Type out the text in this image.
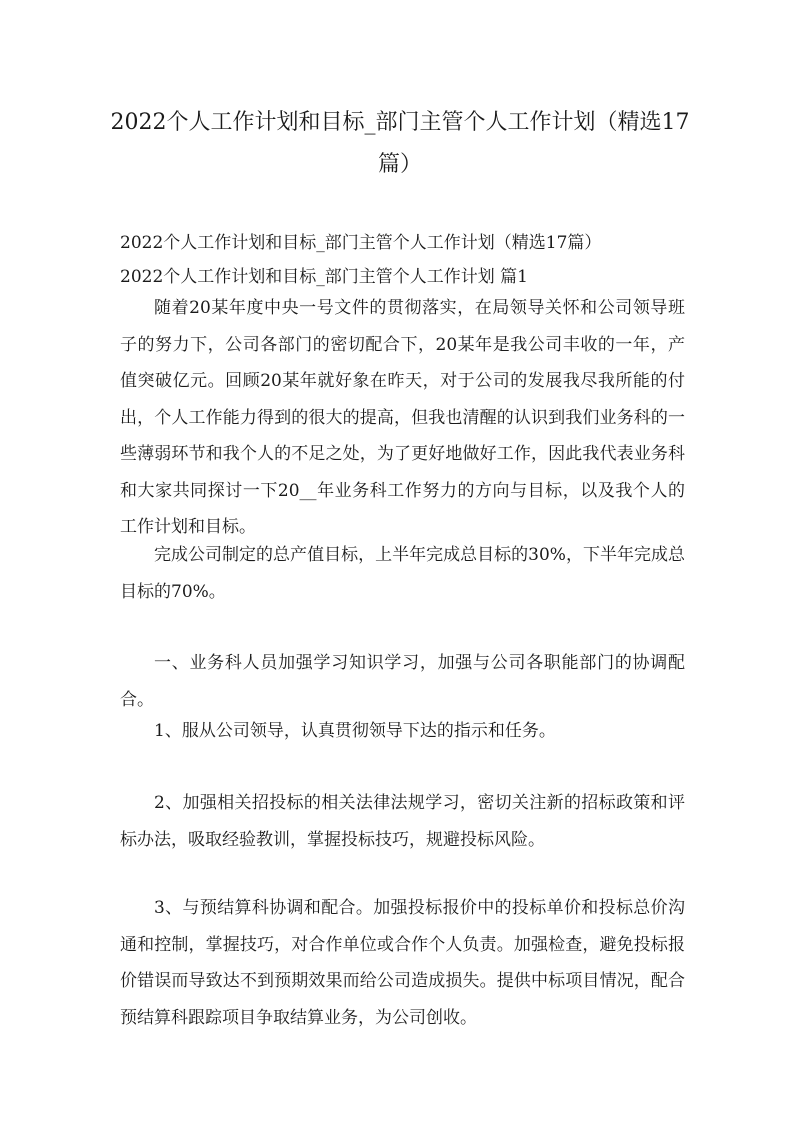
2022个人工作计划和目标_部门主管个人工作计划（精选17篇）
2022个人工作计划和目标_部门主管个人工作计划（精选17篇）
2022个人工作计划和目标_部门主管个人工作计划 篇1

随着20某年度中央一号文件的贯彻落实，在局领导关怀和公司领导班子的努力下，公司各部门的密切配合下，20某年是我公司丰收的一年，产值突破亿元。回顾20某年就好象在昨天，对于公司的发展我尽我所能的付出，个人工作能力得到的很大的提高，但我也清醒的认识到我们业务科的一些薄弱环节和我个人的不足之处，为了更好地做好工作，因此我代表业务科和大家共同探讨一下20__年业务科工作努力的方向与目标，以及我个人的工作计划和目标。

完成公司制定的总产值目标，上半年完成总目标的30%，下半年完成总目标的70%。

一、业务科人员加强学习知识学习，加强与公司各职能部门的协调配合。

1、服从公司领导，认真贯彻领导下达的指示和任务。

2、加强相关招投标的相关法律法规学习，密切关注新的招标政策和评标办法，吸取经验教训，掌握投标技巧，规避投标风险。

3、与预结算科协调和配合。加强投标报价中的投标单价和投标总价沟通和控制，掌握技巧，对合作单位或合作个人负责。加强检查，避免投标报价错误而导致达不到预期效果而给公司造成损失。提供中标项目情况，配合预结算科跟踪项目争取结算业务，为公司创收。
